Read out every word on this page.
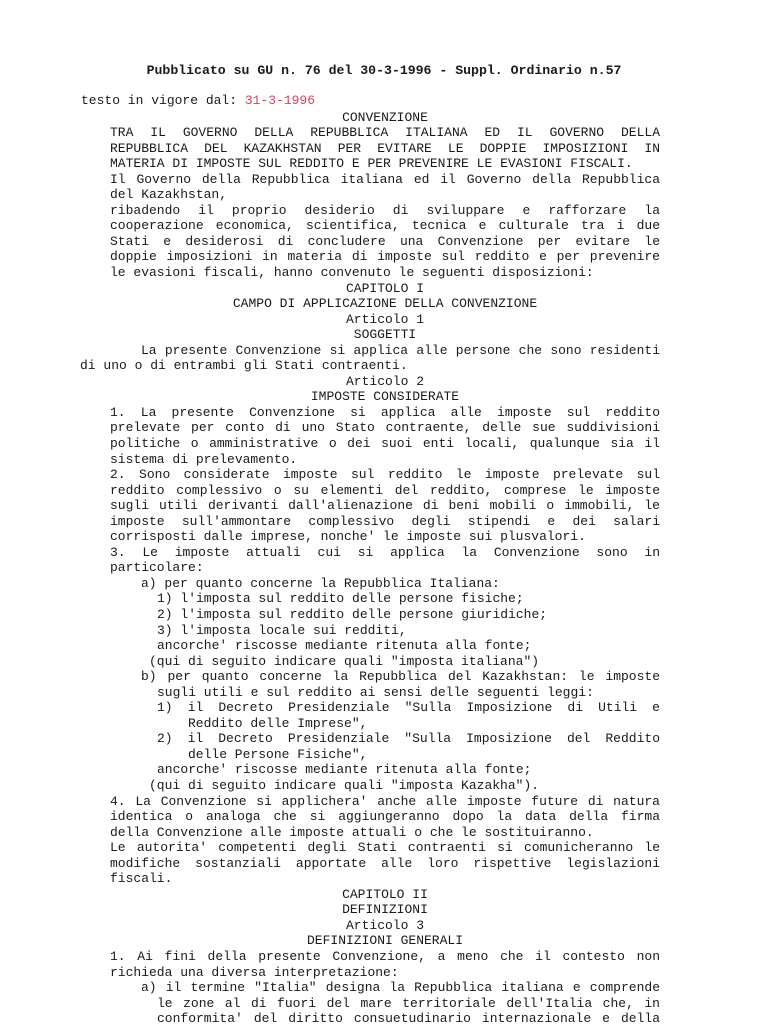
Pubblicato su GU n. 76 del 30-3-1996 - Suppl. Ordinario n.57
testo in vigore dal: 31-3-1996
CONVENZIONE
TRA IL GOVERNO DELLA REPUBBLICA ITALIANA ED IL GOVERNO DELLA
REPUBBLICA DEL KAZAKHSTAN PER EVITARE LE DOPPIE IMPOSIZIONI IN
MATERIA DI IMPOSTE SUL REDDITO E PER PREVENIRE LE EVASIONI FISCALI.
Il Governo della Repubblica italiana ed il Governo della Repubblica
del Kazakhstan,
ribadendo il proprio desiderio di sviluppare e rafforzare la
cooperazione economica, scientifica, tecnica e culturale tra i due
Stati e desiderosi di concludere una Convenzione per evitare le
doppie imposizioni in materia di imposte sul reddito e per prevenire
le evasioni fiscali, hanno convenuto le seguenti disposizioni:
CAPITOLO I
CAMPO DI APPLICAZIONE DELLA CONVENZIONE
Articolo 1
SOGGETTI
La presente Convenzione si applica alle persone che sono residenti
di uno o di entrambi gli Stati contraenti.
Articolo 2
IMPOSTE CONSIDERATE
1. La presente Convenzione si applica alle imposte sul reddito
prelevate per conto di uno Stato contraente, delle sue suddivisioni
politiche o amministrative o dei suoi enti locali, qualunque sia il
sistema di prelevamento.
2. Sono considerate imposte sul reddito le imposte prelevate sul
reddito complessivo o su elementi del reddito, comprese le imposte
sugli utili derivanti dall'alienazione di beni mobili o immobili, le
imposte sull'ammontare complessivo degli stipendi e dei salari
corrisposti dalle imprese, nonche' le imposte sui plusvalori.
3. Le imposte attuali cui si applica la Convenzione sono in
particolare:
a) per quanto concerne la Repubblica Italiana:
1) l'imposta sul reddito delle persone fisiche;
2) l'imposta sul reddito delle persone giuridiche;
3) l'imposta locale sui redditi,
ancorche' riscosse mediante ritenuta alla fonte;
(qui di seguito indicare quali "imposta italiana")
b) per quanto concerne la Repubblica del Kazakhstan: le imposte
sugli utili e sul reddito ai sensi delle seguenti leggi:
1) il Decreto Presidenziale "Sulla Imposizione di Utili e
Reddito delle Imprese",
2) il Decreto Presidenziale "Sulla Imposizione del Reddito
delle Persone Fisiche",
ancorche' riscosse mediante ritenuta alla fonte;
(qui di seguito indicare quali "imposta Kazakha").
4. La Convenzione si applichera' anche alle imposte future di natura
identica o analoga che si aggiungeranno dopo la data della firma
della Convenzione alle imposte attuali o che le sostituiranno.
Le autorita' competenti degli Stati contraenti si comunicheranno le
modifiche sostanziali apportate alle loro rispettive legislazioni
fiscali.
CAPITOLO II
DEFINIZIONI
Articolo 3
DEFINIZIONI GENERALI
1. Ai fini della presente Convenzione, a meno che il contesto non
richieda una diversa interpretazione:
a) il termine "Italia" designa la Repubblica italiana e comprende
le zone al di fuori del mare territoriale dell'Italia che, in
conformita' del diritto consuetudinario internazionale e della
